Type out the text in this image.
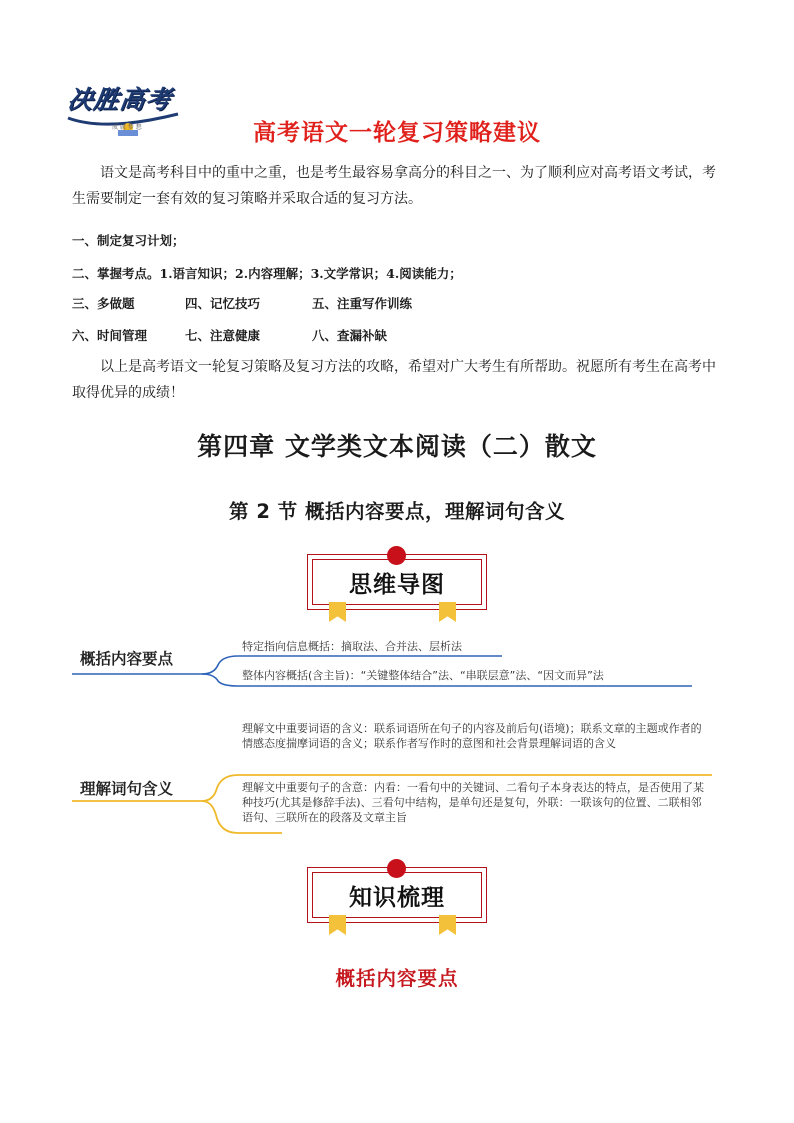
决胜高考
成 就 梦 想	高考语文一轮复习策略建议
语文是高考科目中的重中之重，也是考生最容易拿高分的科目之一、为了顺利应对高考语文考试，考生需要制定一套有效的复习策略并采取合适的复习方法。
一、制定复习计划；
二、掌握考点。1.语言知识；2.内容理解；3.文学常识；4.阅读能力；
三、多做题	四、记忆技巧	五、注重写作训练
六、时间管理	七、注意健康	八、查漏补缺
以上是高考语文一轮复习策略及复习方法的攻略，希望对广大考生有所帮助。祝愿所有考生在高考中取得优异的成绩！
第四章 文学类文本阅读（二）散文
第 2 节 概括内容要点，理解词句含义
思维导图
概括内容要点
特定指向信息概括：摘取法、合并法、层析法
整体内容概括(含主旨)：“关键整体结合”法、“串联层意”法、“因文而异”法
理解词句含义
理解文中重要词语的含义：联系词语所在句子的内容及前后句(语境)；联系文章的主题或作者的情感态度揣摩词语的含义；联系作者写作时的意图和社会背景理解词语的含义
理解文中重要句子的含意：内看：一看句中的关键词、二看句子本身表达的特点，是否使用了某种技巧(尤其是修辞手法)、三看句中结构，是单句还是复句，外联：一联该句的位置、二联相邻语句、三联所在的段落及文章主旨
知识梳理
概括内容要点
